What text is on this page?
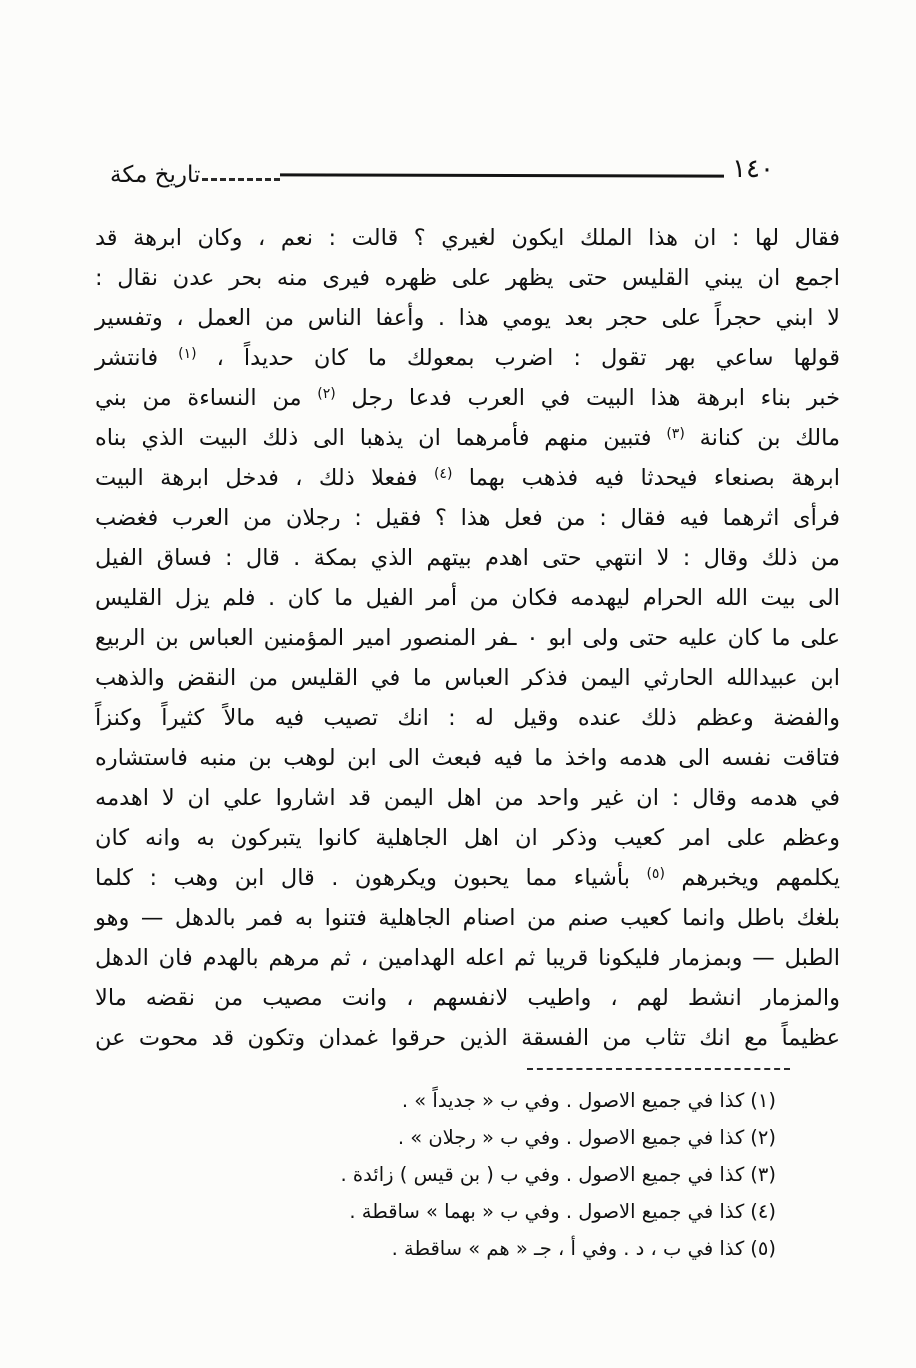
١٤٠
تاريخ مكة
فقال لها : ان هذا الملك ايكون لغيري ؟ قالت : نعم ، وكان ابرهة قد
اجمع ان يبني القليس حتى يظهر على ظهره فيرى منه بحر عدن نقال :
لا ابني حجراً على حجر بعد يومي هذا . وأعفا الناس من العمل ، وتفسير
قولها ساعي بهر تقول : اضرب بمعولك ما كان حديداً ، $^{(١)}$ فانتشر
خبر بناء ابرهة هذا البيت في العرب فدعا رجل $^{(٢)}$ من النساءة من بني
مالك بن كنانة $^{(٣)}$ فتبين منهم فأمرهما ان يذهبا الى ذلك البيت الذي بناه
ابرهة بصنعاء فيحدثا فيه فذهب بهما $^{(٤)}$ ففعلا ذلك ، فدخل ابرهة البيت
فرأى اثرهما فيه فقال : من فعل هذا ؟ فقيل : رجلان من العرب فغضب
من ذلك وقال : لا انتهي حتى اهدم بيتهم الذي بمكة . قال : فساق الفيل
الى بيت الله الحرام ليهدمه فكان من أمر الفيل ما كان . فلم يزل القليس
على ما كان عليه حتى ولى ابو ٠ ـفر المنصور امير المؤمنين العباس بن الربيع
ابن عبيدالله الحارثي اليمن فذكر العباس ما في القليس من النقض والذهب
والفضة وعظم ذلك عنده وقيل له : انك تصيب فيه مالاً كثيراً وكنزاً
فتاقت نفسه الى هدمه واخذ ما فيه فبعث الى ابن لوهب بن منبه فاستشاره
في هدمه وقال : ان غير واحد من اهل اليمن قد اشاروا علي ان لا اهدمه
وعظم على امر كعيب وذكر ان اهل الجاهلية كانوا يتبركون به وانه كان
يكلمهم ويخبرهم $^{(٥)}$ بأشياء مما يحبون ويكرهون . قال ابن وهب : كلما
بلغك باطل وانما كعيب صنم من اصنام الجاهلية فتنوا به فمر بالدهل — وهو
الطبل — وبمزمار فليكونا قريبا ثم اعله الهدامين ، ثم مرهم بالهدم فان الدهل
والمزمار انشط لهم ، واطيب لانفسهم ، وانت مصيب من نقضه مالا
عظيماً مع انك تثاب من الفسقة الذين حرقوا غمدان وتكون قد محوت عن
(١)كذا في جميع الاصول . وفي ب « جديداً » .
(٢)كذا في جميع الاصول . وفي ب « رجلان » .
(٣)كذا في جميع الاصول . وفي ب ( بن قيس ) زائدة .
(٤)كذا في جميع الاصول . وفي ب « بهما » ساقطة .
(٥)كذا في ب ، د . وفي أ ، جـ « هم » ساقطة .
